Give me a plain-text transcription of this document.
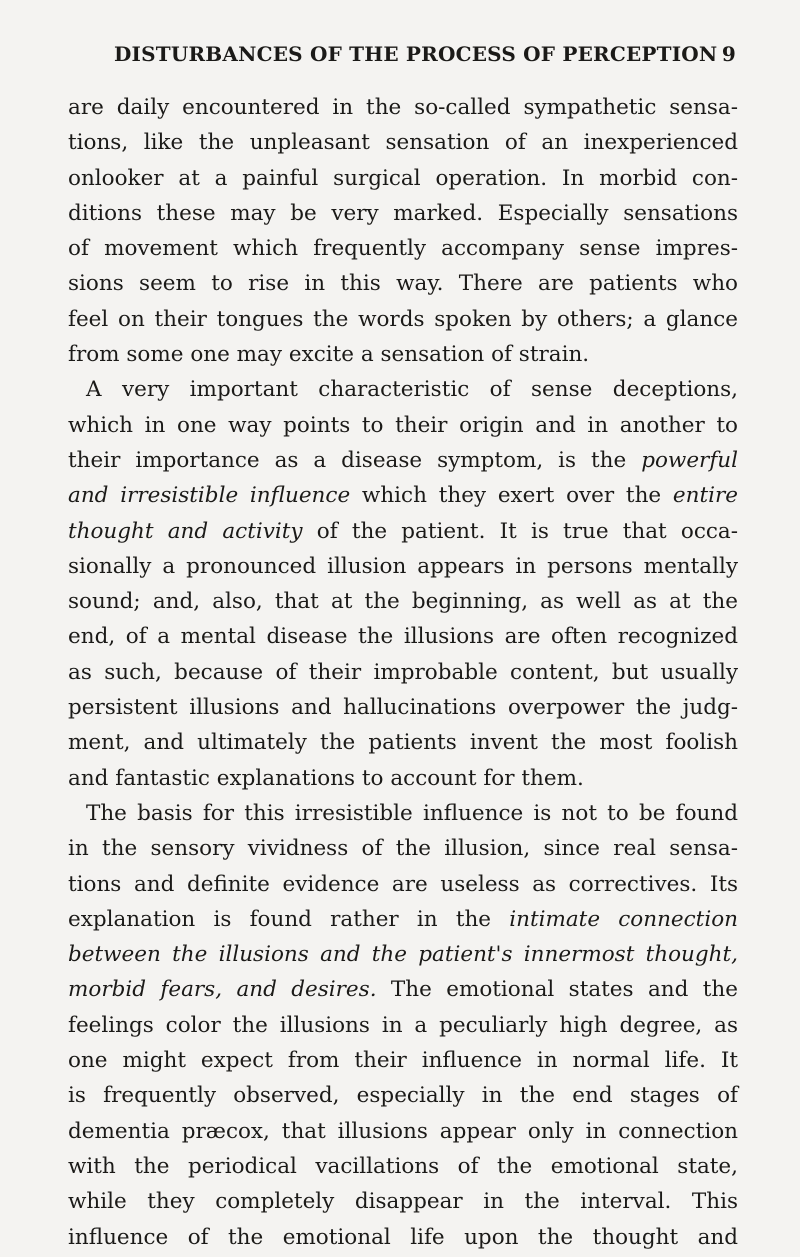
DISTURBANCES OF THE PROCESS OF PERCEPTION 9
are daily encountered in the so-called sympathetic sensa-
tions, like the unpleasant sensation of an inexperienced
onlooker at a painful surgical operation. In morbid con-
ditions these may be very marked. Especially sensations
of movement which frequently accompany sense impres-
sions seem to rise in this way. There are patients who
feel on their tongues the words spoken by others; a glance
from some one may excite a sensation of strain.
A very important characteristic of sense deceptions,
which in one way points to their origin and in another to
their importance as a disease symptom, is the powerful
and irresistible influence which they exert over the entire
thought and activity of the patient. It is true that occa-
sionally a pronounced illusion appears in persons mentally
sound; and, also, that at the beginning, as well as at the
end, of a mental disease the illusions are often recognized
as such, because of their improbable content, but usually
persistent illusions and hallucinations overpower the judg-
ment, and ultimately the patients invent the most foolish
and fantastic explanations to account for them.
The basis for this irresistible influence is not to be found
in the sensory vividness of the illusion, since real sensa-
tions and definite evidence are useless as correctives. Its
explanation is found rather in the intimate connection
between the illusions and the patient's innermost thought,
morbid fears, and desires. The emotional states and the
feelings color the illusions in a peculiarly high degree, as
one might expect from their influence in normal life. It
is frequently observed, especially in the end stages of
dementia præcox, that illusions appear only in connection
with the periodical vacillations of the emotional state,
while they completely disappear in the interval. This
influence of the emotional life upon the thought and
